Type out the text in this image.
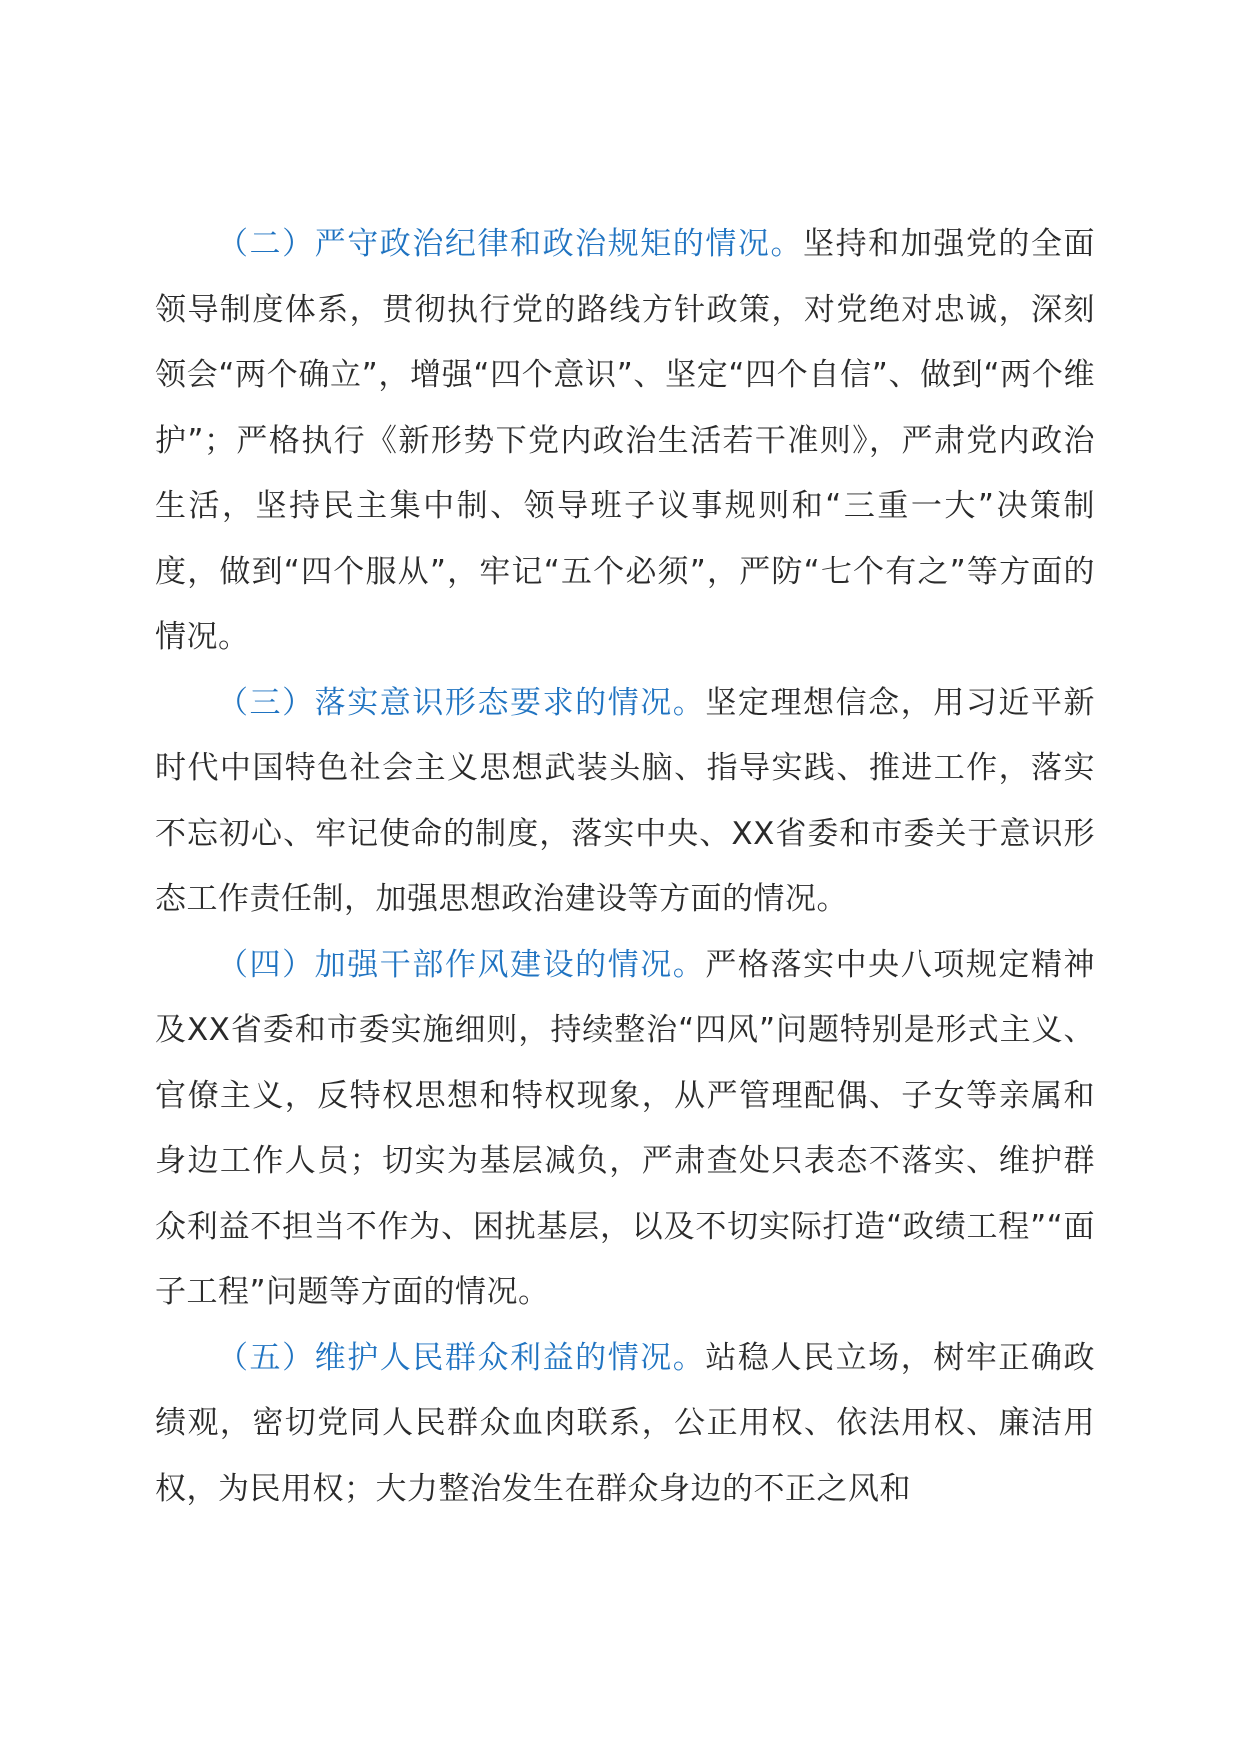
（二）严守政治纪律和政治规矩的情况。坚持和加强党的全面领导制度体系，贯彻执行党的路线方针政策，对党绝对忠诚，深刻领会“两个确立”，增强“四个意识”、坚定“四个自信”、做到“两个维护”；严格执行《新形势下党内政治生活若干准则》，严肃党内政治生活，坚持民主集中制、领导班子议事规则和“三重一大”决策制度，做到“四个服从”，牢记“五个必须”，严防“七个有之”等方面的情况。

（三）落实意识形态要求的情况。坚定理想信念，用习近平新时代中国特色社会主义思想武装头脑、指导实践、推进工作，落实不忘初心、牢记使命的制度，落实中央、XX省委和市委关于意识形态工作责任制，加强思想政治建设等方面的情况。

（四）加强干部作风建设的情况。严格落实中央八项规定精神及XX省委和市委实施细则，持续整治“四风”问题特别是形式主义、官僚主义，反特权思想和特权现象，从严管理配偶、子女等亲属和身边工作人员；切实为基层减负，严肃查处只表态不落实、维护群众利益不担当不作为、困扰基层，以及不切实际打造“政绩工程”“面子工程”问题等方面的情况。

（五）维护人民群众利益的情况。站稳人民立场，树牢正确政绩观，密切党同人民群众血肉联系，公正用权、依法用权、廉洁用权，为民用权；大力整治发生在群众身边的不正之风和
